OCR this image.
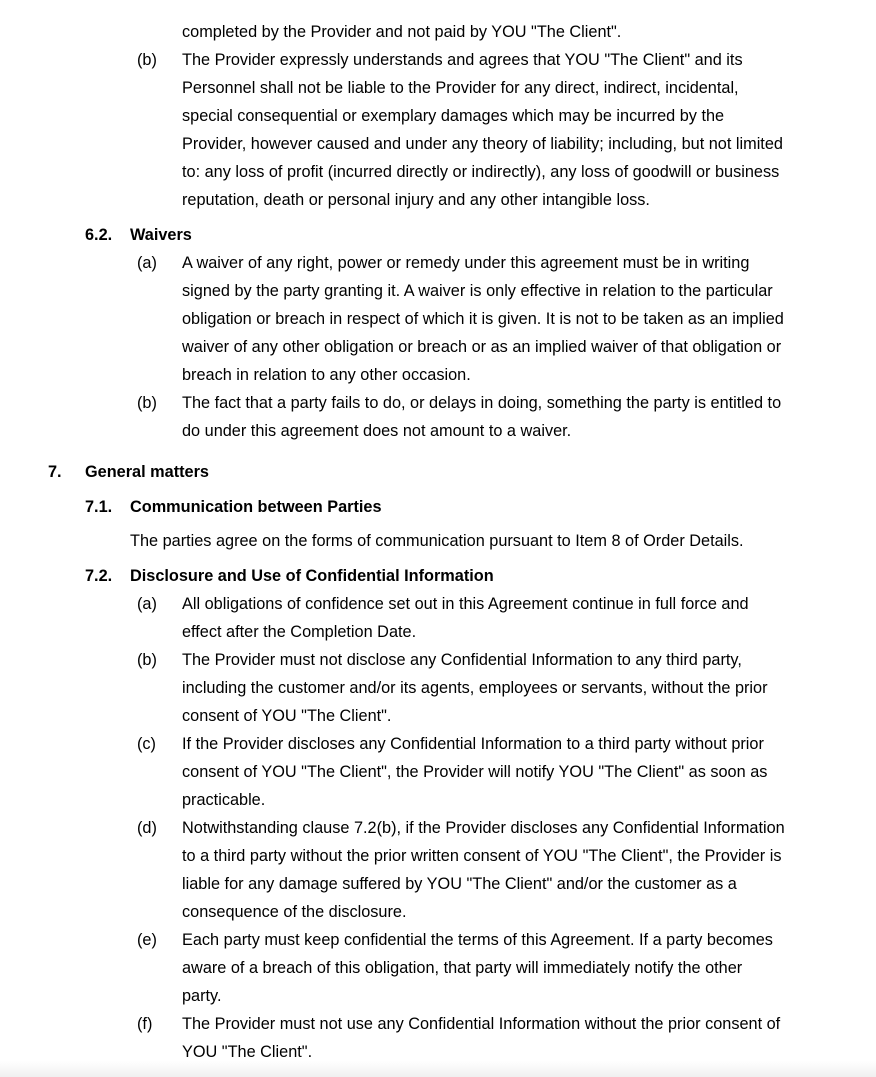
completed by the Provider and not paid by YOU "The Client".
(b) The Provider expressly understands and agrees that YOU "The Client" and its Personnel shall not be liable to the Provider for any direct, indirect, incidental, special consequential or exemplary damages which may be incurred by the Provider, however caused and under any theory of liability; including, but not limited to: any loss of profit (incurred directly or indirectly), any loss of goodwill or business reputation, death or personal injury and any other intangible loss.
6.2. Waivers
(a) A waiver of any right, power or remedy under this agreement must be in writing signed by the party granting it. A waiver is only effective in relation to the particular obligation or breach in respect of which it is given. It is not to be taken as an implied waiver of any other obligation or breach or as an implied waiver of that obligation or breach in relation to any other occasion.
(b) The fact that a party fails to do, or delays in doing, something the party is entitled to do under this agreement does not amount to a waiver.
7. General matters
7.1. Communication between Parties
The parties agree on the forms of communication pursuant to Item 8 of Order Details.
7.2. Disclosure and Use of Confidential Information
(a) All obligations of confidence set out in this Agreement continue in full force and effect after the Completion Date.
(b) The Provider must not disclose any Confidential Information to any third party, including the customer and/or its agents, employees or servants, without the prior consent of YOU "The Client".
(c) If the Provider discloses any Confidential Information to a third party without prior consent of YOU "The Client", the Provider will notify YOU "The Client" as soon as practicable.
(d) Notwithstanding clause 7.2(b), if the Provider discloses any Confidential Information to a third party without the prior written consent of YOU "The Client", the Provider is liable for any damage suffered by YOU "The Client" and/or the customer as a consequence of the disclosure.
(e) Each party must keep confidential the terms of this Agreement. If a party becomes aware of a breach of this obligation, that party will immediately notify the other party.
(f) The Provider must not use any Confidential Information without the prior consent of YOU "The Client".
